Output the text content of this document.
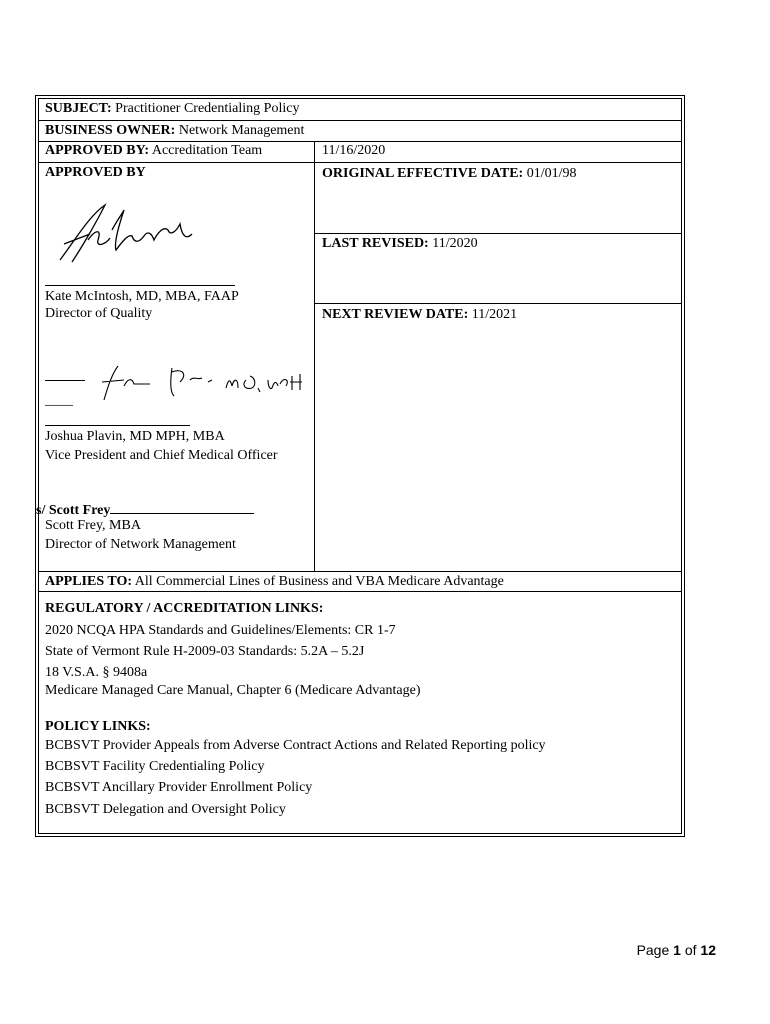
SUBJECT: Practitioner Credentialing Policy
BUSINESS OWNER: Network Management
APPROVED BY: Accreditation Team	11/16/2020
APPROVED BY
Kate McIntosh, MD, MBA, FAAP
Director of Quality
____
Joshua Plavin, MD MPH, MBA
Vice President and Chief Medical Officer
s/ Scott Frey
Scott Frey, MBA
Director of Network Management
ORIGINAL EFFECTIVE DATE: 01/01/98
LAST REVISED: 11/2020
NEXT REVIEW DATE: 11/2021
APPLIES TO: All Commercial Lines of Business and VBA Medicare Advantage
REGULATORY / ACCREDITATION LINKS:
2020 NCQA HPA Standards and Guidelines/Elements: CR 1-7
State of Vermont Rule H-2009-03 Standards: 5.2A – 5.2J
18 V.S.A. § 9408a
Medicare Managed Care Manual, Chapter 6 (Medicare Advantage)
POLICY LINKS:
BCBSVT Provider Appeals from Adverse Contract Actions and Related Reporting policy
BCBSVT Facility Credentialing Policy
BCBSVT Ancillary Provider Enrollment Policy
BCBSVT Delegation and Oversight Policy
Page 1 of 12
